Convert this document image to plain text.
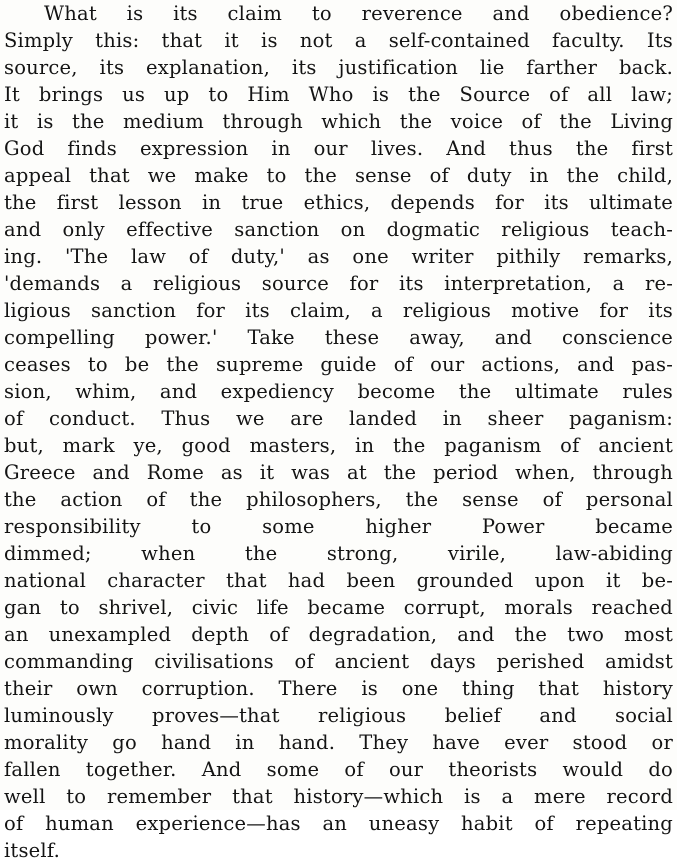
What is its claim to reverence and obedience?
Simply this: that it is not a self-contained faculty. Its
source, its explanation, its justification lie farther back.
It brings us up to Him Who is the Source of all law;
it is the medium through which the voice of the Living
God finds expression in our lives. And thus the first
appeal that we make to the sense of duty in the child,
the first lesson in true ethics, depends for its ultimate
and only effective sanction on dogmatic religious teach-
ing. 'The law of duty,' as one writer pithily remarks,
'demands a religious source for its interpretation, a re-
ligious sanction for its claim, a religious motive for its
compelling power.' Take these away, and conscience
ceases to be the supreme guide of our actions, and pas-
sion, whim, and expediency become the ultimate rules
of conduct. Thus we are landed in sheer paganism:
but, mark ye, good masters, in the paganism of ancient
Greece and Rome as it was at the period when, through
the action of the philosophers, the sense of personal
responsibility to some higher Power became
dimmed; when the strong, virile, law-abiding
national character that had been grounded upon it be-
gan to shrivel, civic life became corrupt, morals reached
an unexampled depth of degradation, and the two most
commanding civilisations of ancient days perished amidst
their own corruption. There is one thing that history
luminously proves—that religious belief and social
morality go hand in hand. They have ever stood or
fallen together. And some of our theorists would do
well to remember that history—which is a mere record
of human experience—has an uneasy habit of repeating
itself.
